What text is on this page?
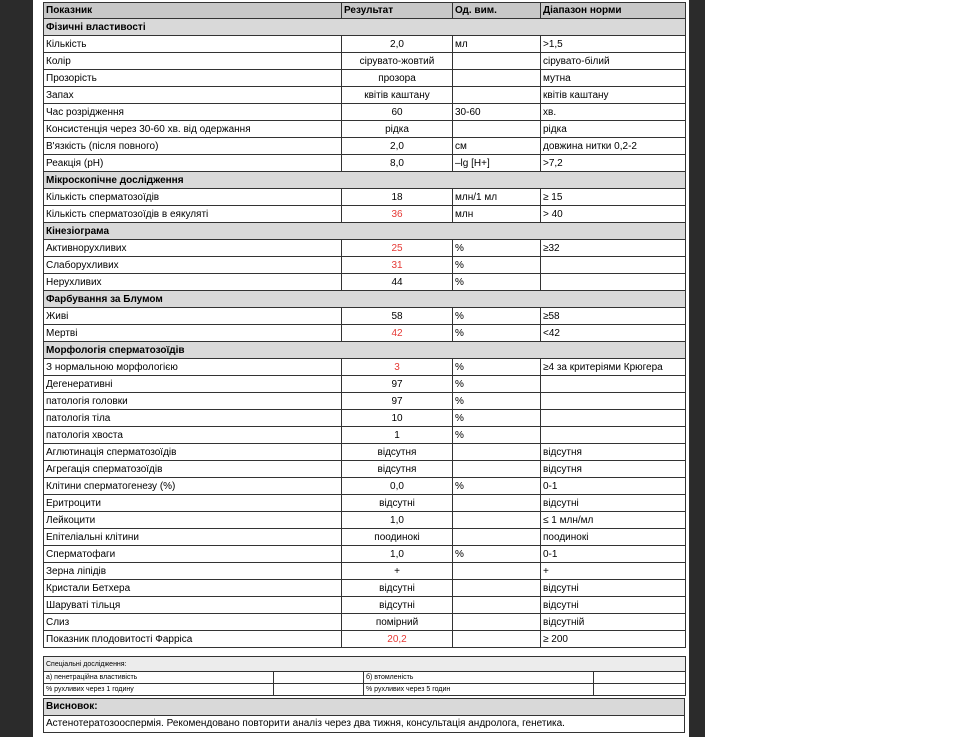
Показник	Результат	Од. вим.	Діапазон норми
Фізичні властивості			
Кількість	2,0	мл	>1,5
Колір	сірувато-жовтий		сірувато-білий
Прозорість	прозора		мутна
Запах	квітів каштану		квітів каштану
Час розрідження	60	30-60	хв.
Консистенція через 30-60 хв. від одержання	рідка		рідка
В'язкість (після повного)	2,0	см	довжина нитки 0,2-2
Реакція (pH)	8,0	–lg [H+]	>7,2
Мікроскопічне дослідження			
Кількість сперматозоїдів	18	млн/1 мл	≥ 15
Кількість сперматозоїдів в еякуляті	36	млн	> 40
Кінезіограма			
Активнорухливих	25	%	≥32
Слаборухливих	31	%	
Нерухливих	44	%	
Фарбування за Блумом			
Живі	58	%	≥58
Мертві	42	%	<42
Морфологія сперматозоїдів			
З нормальною морфологією	3	%	≥4 за критеріями Крюгера
Дегенеративні	97	%	
патологія головки	97	%	
патологія тіла	10	%	
патологія хвоста	1	%	
Аглютинація сперматозоїдів	відсутня		відсутня
Агрегація сперматозоїдів	відсутня		відсутня
Клітини сперматогенезу (%)	0,0	%	0-1
Еритроцити	відсутні		відсутні
Лейкоцити	1,0		≤ 1 млн/мл
Епітеліальні клітини	поодинокі		поодинокі
Спермaтофаги	1,0	%	0-1
Зерна ліпідів	+		+
Кристали Бетхера	відсутні		відсутні
Шаруваті тільця	відсутні		відсутні
Слиз	помірний		відсутній
Показник плодовитості Фарріса	20,2		≥ 200
Спеціальні дослідження:			
а) пенетраційна властивість		б) втомленість	
% рухливих через 1 годину		% рухливих через 5 годин	
Висновок:
Астенотератозооспермія. Рекомендовано повторити аналіз через два тижня, консультація андролога, генетика.
